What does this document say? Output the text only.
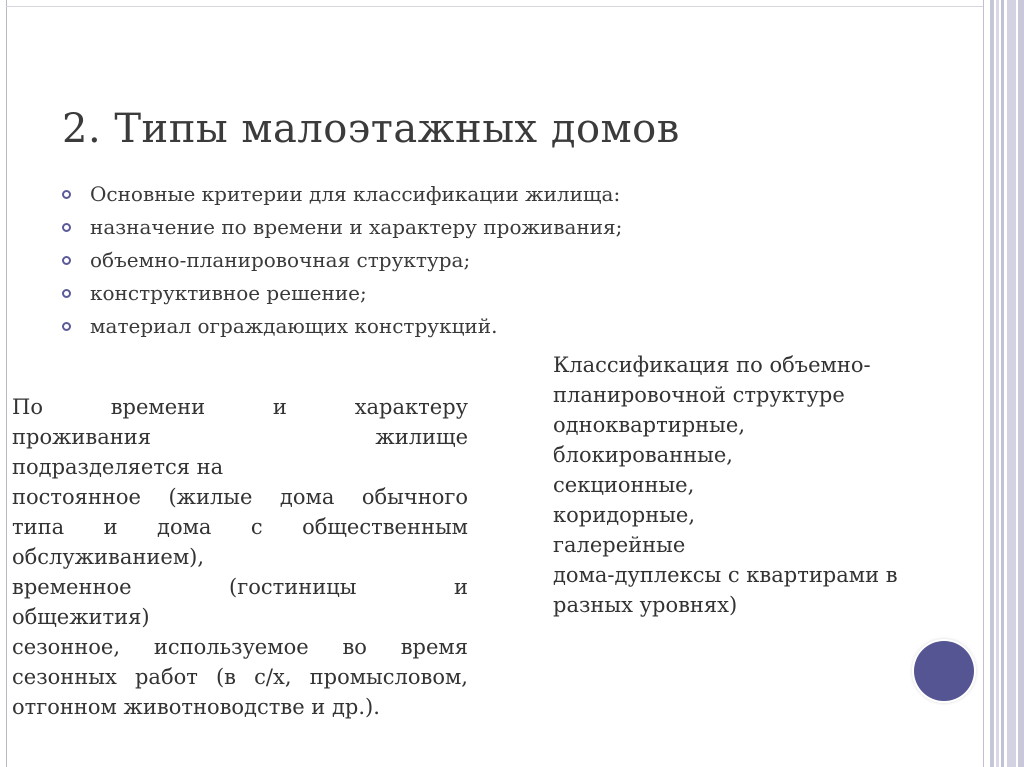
2. Типы малоэтажных домов
Основные критерии для классификации жилища:
назначение по времени и характеру проживания;
объемно-планировочная структура;
конструктивное решение;
материал ограждающих конструкций.
По времени и характеру
проживания жилище
подразделяется на
постоянное (жилые дома обычного
типа и дома с общественным
обслуживанием),
временное (гостиницы и
общежития)
сезонное, используемое во время
сезонных работ (в с/х, промысловом,
отгонном животноводстве и др.).
Классификация по объемно-
планировочной структуре
одноквартирные,
блокированные,
секционные,
коридорные,
галерейные
дома-дуплексы с квартирами в
разных уровнях)
